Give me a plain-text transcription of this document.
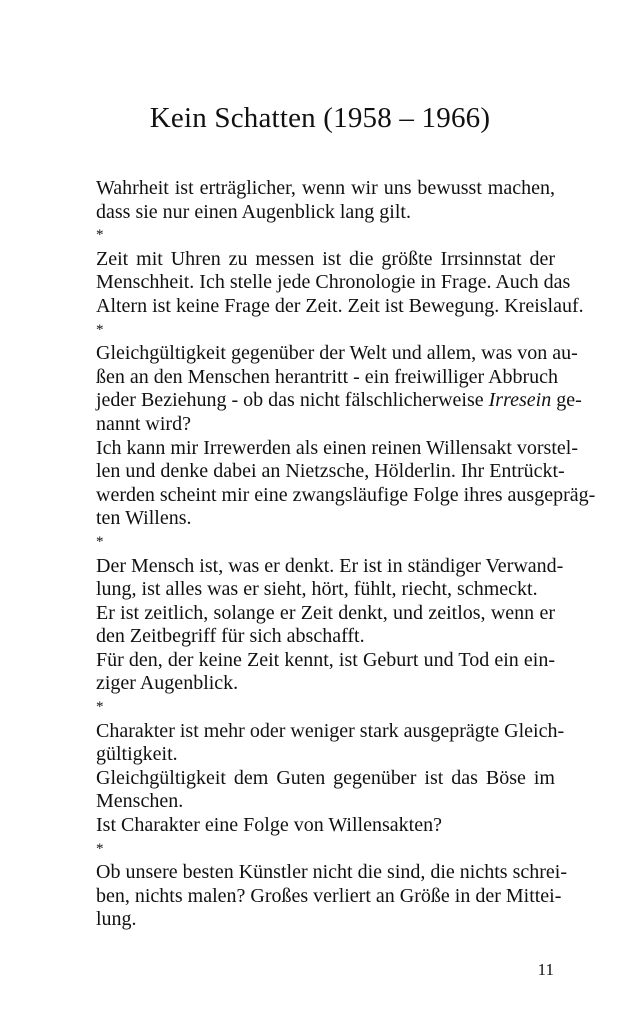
Kein Schatten (1958 – 1966)
Wahrheit ist erträglicher, wenn wir uns bewusst machen,
dass sie nur einen Augenblick lang gilt.
*
Zeit mit Uhren zu messen ist die größte Irrsinnstat der
Menschheit. Ich stelle jede Chronologie in Frage. Auch das
Altern ist keine Frage der Zeit. Zeit ist Bewegung. Kreislauf.
*
Gleichgültigkeit gegenüber der Welt und allem, was von au-
ßen an den Menschen herantritt - ein freiwilliger Abbruch
jeder Beziehung - ob das nicht fälschlicherweise Irresein ge-
nannt wird?
Ich kann mir Irrewerden als einen reinen Willensakt vorstel-
len und denke dabei an Nietzsche, Hölderlin. Ihr Entrückt-
werden scheint mir eine zwangsläufige Folge ihres ausgepräg-
ten Willens.
*
Der Mensch ist, was er denkt. Er ist in ständiger Verwand-
lung, ist alles was er sieht, hört, fühlt, riecht, schmeckt.
Er ist zeitlich, solange er Zeit denkt, und zeitlos, wenn er
den Zeitbegriff für sich abschafft.
Für den, der keine Zeit kennt, ist Geburt und Tod ein ein-
ziger Augenblick.
*
Charakter ist mehr oder weniger stark ausgeprägte Gleich-
gültigkeit.
Gleichgültigkeit dem Guten gegenüber ist das Böse im
Menschen.
Ist Charakter eine Folge von Willensakten?
*
Ob unsere besten Künstler nicht die sind, die nichts schrei-
ben, nichts malen? Großes verliert an Größe in der Mittei-
lung.
11
